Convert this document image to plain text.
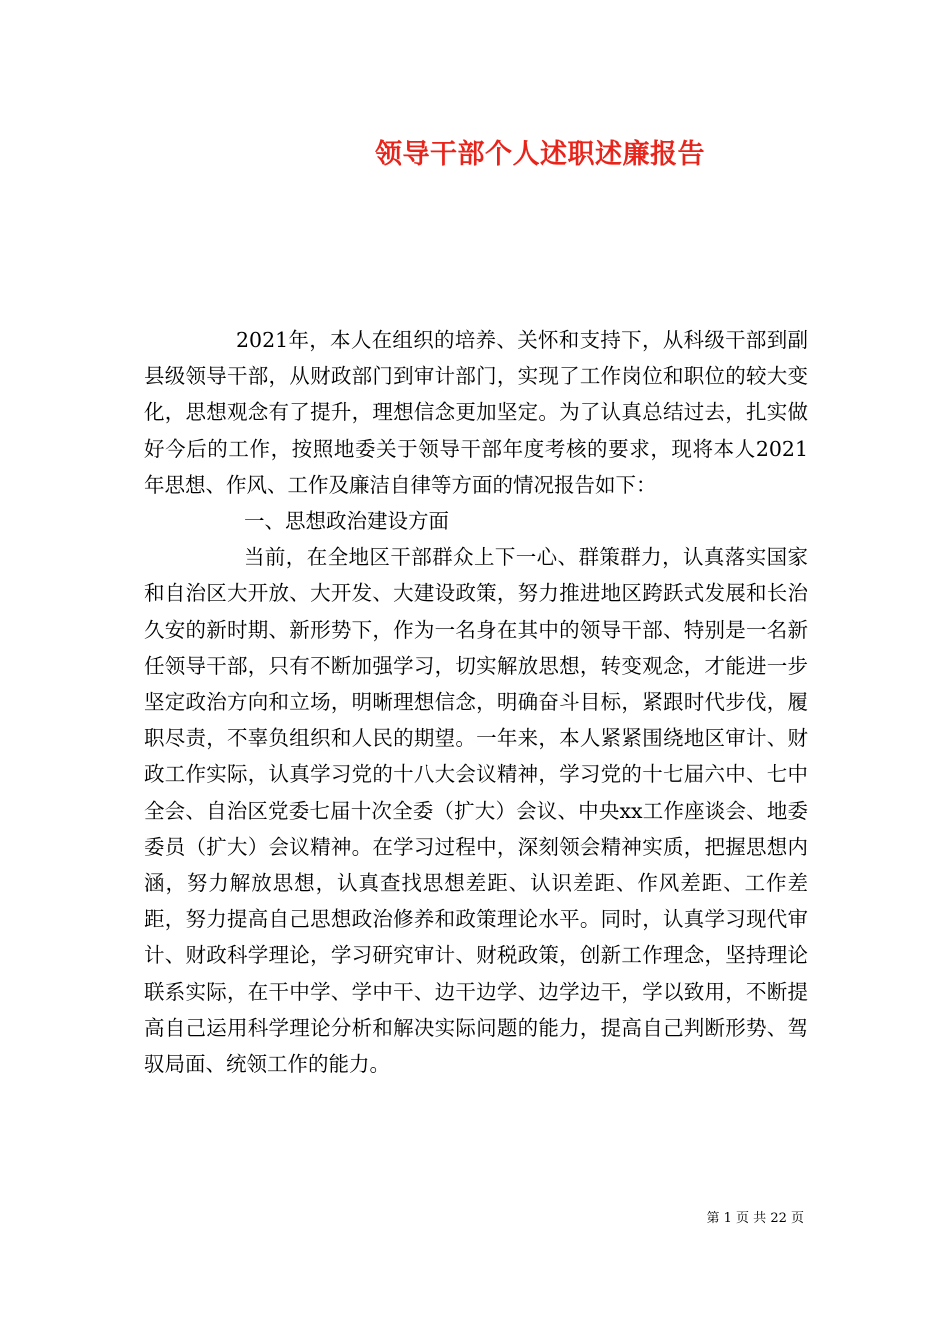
领导干部个人述职述廉报告

2021年，本人在组织的培养、关怀和支持下，从科级干部到副县级领导干部，从财政部门到审计部门，实现了工作岗位和职位的较大变化，思想观念有了提升，理想信念更加坚定。为了认真总结过去，扎实做好今后的工作，按照地委关于领导干部年度考核的要求，现将本人2021年思想、作风、工作及廉洁自律等方面的情况报告如下：

一、思想政治建设方面

当前，在全地区干部群众上下一心、群策群力，认真落实国家和自治区大开放、大开发、大建设政策，努力推进地区跨跃式发展和长治久安的新时期、新形势下，作为一名身在其中的领导干部、特别是一名新任领导干部，只有不断加强学习，切实解放思想，转变观念，才能进一步坚定政治方向和立场，明晰理想信念，明确奋斗目标，紧跟时代步伐，履职尽责，不辜负组织和人民的期望。一年来，本人紧紧围绕地区审计、财政工作实际，认真学习党的十八大会议精神，学习党的十七届六中、七中全会、自治区党委七届十次全委（扩大）会议、中央xx工作座谈会、地委委员（扩大）会议精神。在学习过程中，深刻领会精神实质，把握思想内涵，努力解放思想，认真查找思想差距、认识差距、作风差距、工作差距，努力提高自己思想政治修养和政策理论水平。同时，认真学习现代审计、财政科学理论，学习研究审计、财税政策，创新工作理念，坚持理论联系实际，在干中学、学中干、边干边学、边学边干，学以致用，不断提高自己运用科学理论分析和解决实际问题的能力，提高自己判断形势、驾驭局面、统领工作的能力。

第 1 页 共 22 页
